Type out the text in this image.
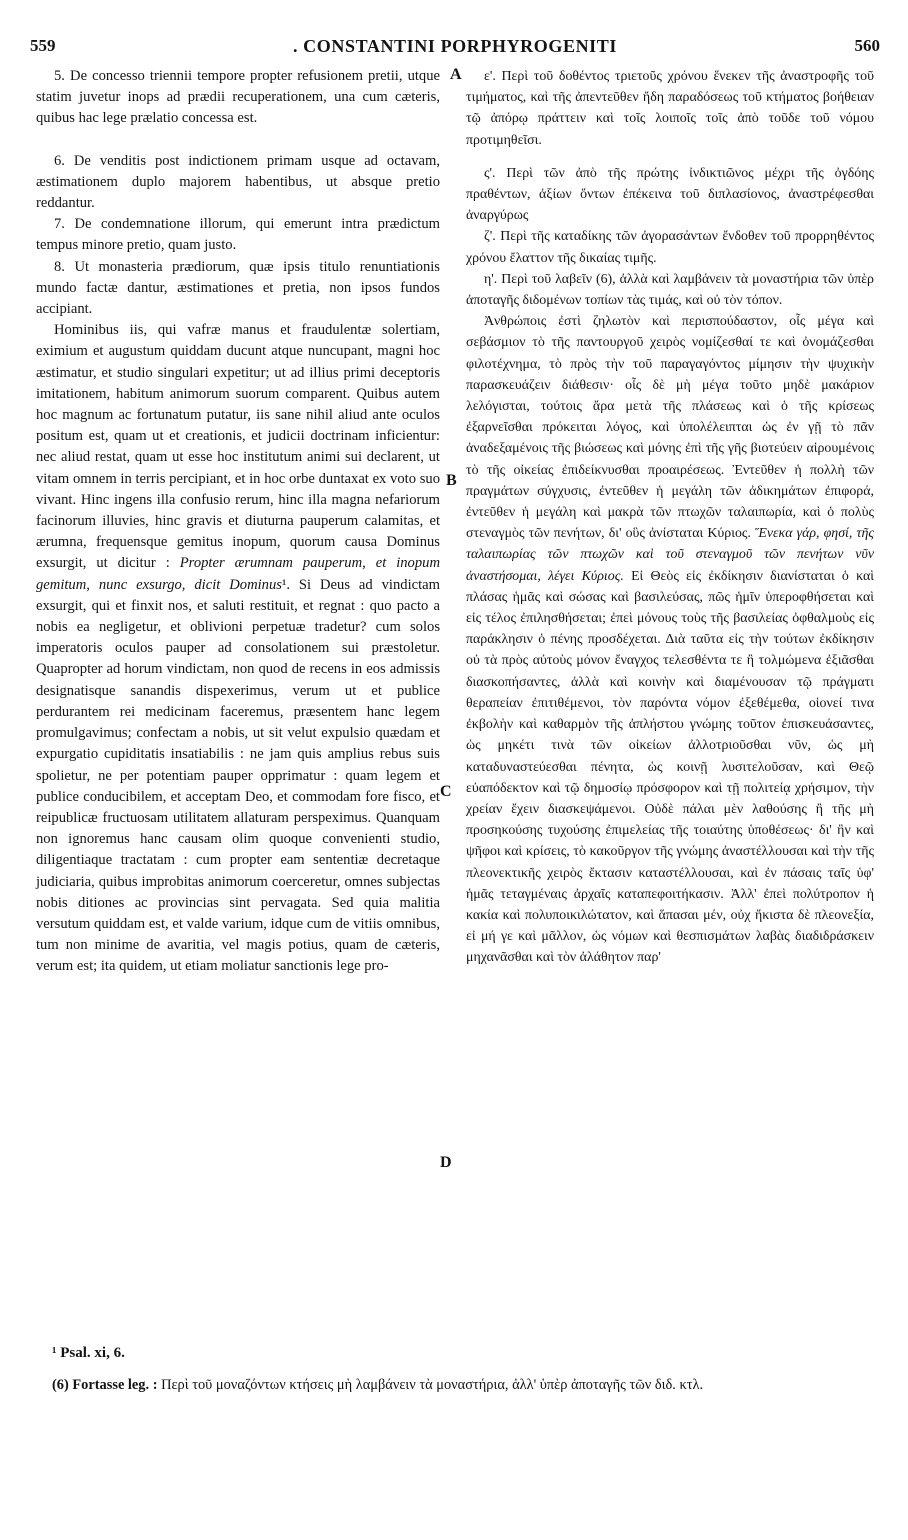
559	. CONSTANTINI PORPHYROGENITI	560

5. De concesso triennii tempore propter refusionem pretii, utque statim juvetur inops ad prædii recuperationem, una cum cæteris, quibus hac lege prælatio concessa est.

6. De venditis post indictionem primam usque ad octavam, æstimationem duplo majorem habentibus, ut absque pretio reddantur.

7. De condemnatione illorum, qui emerunt intra prædictum tempus minore pretio, quam justo.

8. Ut monasteria prædiorum, quæ ipsis titulo renuntiationis mundo factæ dantur, æstimationes et pretia, non ipsos fundos accipiant.

Hominibus iis, qui vafræ manus et fraudulentæ solertiam, eximium et augustum quiddam ducunt atque nuncupant, magni hoc æstimatur, et studio singulari expetitur; ut ad illius primi deceptoris imitationem, habitum animorum suorum comparent. Quibus autem hoc magnum ac fortunatum putatur, iis sane nihil aliud ante oculos positum est, quam ut et creationis, et judicii doctrinam inficientur: nec aliud restat, quam ut esse hoc institutum animi sui declarent, ut vitam omnem in terris percipiant, et in hoc orbe duntaxat ex voto suo vivant. Hinc ingens illa confusio rerum, hinc illa magna nefariorum facinorum illuvies, hinc gravis et diuturna pauperum calamitas, et ærumna, frequensque gemitus inopum, quorum causa Dominus exsurgit, ut dicitur : Propter ærumnam pauperum, et inopum gemitum, nunc exsurgo, dicit Dominus¹. Si Deus ad vindictam exsurgit, qui et finxit nos, et saluti restituit, et regnat : quo pacto a nobis ea negligetur, et oblivioni perpetuæ tradetur? cum solos imperatoris oculos pauper ad consolationem sui præstoletur. Quapropter ad horum vindictam, non quod de recens in eos admissis designatisque sanandis dispexerimus, verum ut et publice perdurantem rei medicinam faceremus, præsentem hanc legem promulgavimus; confectam a nobis, ut sit velut expulsio quædam et expurgatio cupiditatis insatiabilis : ne jam quis amplius rebus suis spolietur, ne per potentiam pauper opprimatur : quam legem et publice conducibilem, et acceptam Deo, et commodam fore fisco, et reipublicæ fructuosam utilitatem allaturam perspeximus. Quanquam non ignoremus hanc causam olim quoque convenienti studio, diligentiaque tractatam : cum propter eam sententiæ decretaque judiciaria, quibus improbitas animorum coerceretur, omnes subjectas nobis ditiones ac provincias sint pervagata. Sed quia malitia versutum quiddam est, et valde varium, idque cum de vitiis omnibus, tum non minime de avaritia, vel magis potius, quam de cæteris, verum est; ita quidem, ut etiam moliatur sanctionis lege pro-

A
B
C
D

ε'. Περὶ τοῦ δοθέντος τριετοῦς χρόνου ἕνεκεν τῆς ἀναστροφῆς τοῦ τιμήματος, καὶ τῆς ἀπεντεῦθεν ἤδη παραδόσεως τοῦ κτήματος βοήθειαν τῷ ἀπόρῳ πράττειν καὶ τοῖς λοιποῖς τοῖς ἀπὸ τοῦδε τοῦ νόμου προτιμηθεῖσι.

ς'. Περὶ τῶν ἀπὸ τῆς πρώτης ἰνδικτιῶνος μέχρι τῆς ὀγδόης πραθέντων, ἀξίων ὄντων ἐπέκεινα τοῦ διπλασίονος, ἀναστρέφεσθαι ἀναργύρως

ζ'. Περὶ τῆς καταδίκης τῶν ἀγορασάντων ἔνδοθεν τοῦ προρρηθέντος χρόνου ἔλαττον τῆς δικαίας τιμῆς.

η'. Περὶ τοῦ λαβεῖν (6), ἀλλὰ καὶ λαμβάνειν τὰ μοναστήρια τῶν ὑπὲρ ἀποταγῆς διδομένων τοπίων τὰς τιμάς, καὶ οὐ τὸν τόπον.

Ἀνθρώποις ἐστὶ ζηλωτὸν καὶ περισπούδαστον, οἷς μέγα καὶ σεβάσμιον τὸ τῆς παντουργοῦ χειρὸς νομίζεσθαί τε καὶ ὀνομάζεσθαι φιλοτέχνημα, τὸ πρὸς τὴν τοῦ παραγαγόντος μίμησιν τὴν ψυχικὴν παρασκευάζειν διάθεσιν· οἷς δὲ μὴ μέγα τοῦτο μηδὲ μακάριον λελόγισται, τούτοις ἄρα μετὰ τῆς πλάσεως καὶ ὁ τῆς κρίσεως ἐξαρνεῖσθαι πρόκειται λόγος, καὶ ὑπολέλειπται ὡς ἐν γῇ τὸ πᾶν ἀναδεξαμένοις τῆς βιώσεως καὶ μόνης ἐπὶ τῆς γῆς βιοτεύειν αἱρουμένοις τὸ τῆς οἰκείας ἐπιδείκνυσθαι προαιρέσεως. Ἐντεῦθεν ἡ πολλὴ τῶν πραγμάτων σύγχυσις, ἐντεῦθεν ἡ μεγάλη τῶν ἀδικημάτων ἐπιφορά, ἐντεῦθεν ἡ μεγάλη καὶ μακρὰ τῶν πτωχῶν ταλαιπωρία, καὶ ὁ πολὺς στεναγμὸς τῶν πενήτων, δι' οὓς ἀνίσταται Κύριος. Ἕνεκα γάρ, φησί, τῆς ταλαιπωρίας τῶν πτωχῶν καὶ τοῦ στεναγμοῦ τῶν πενήτων νῦν ἀναστήσομαι, λέγει Κύριος. Εἰ Θεὸς εἰς ἐκδίκησιν διανίσταται ὁ καὶ πλάσας ἡμᾶς καὶ σώσας καὶ βασιλεύσας, πῶς ἡμῖν ὑπεροφθήσεται καὶ εἰς τέλος ἐπιλησθήσεται; ἐπεὶ μόνους τοὺς τῆς βασιλείας ὀφθαλμοὺς εἰς παράκλησιν ὁ πένης προσδέχεται. Διὰ ταῦτα εἰς τὴν τούτων ἐκδίκησιν οὐ τὰ πρὸς αὐτοὺς μόνον ἔναγχος τελεσθέντα τε ἢ τολμώμενα ἐξιᾶσθαι διασκοπήσαντες, ἀλλὰ καὶ κοινὴν καὶ διαμένουσαν τῷ πράγματι θεραπείαν ἐπιτιθέμενοι, τὸν παρόντα νόμον ἐξεθέμεθα, οἱονεί τινα ἐκβολὴν καὶ καθαρμὸν τῆς ἀπλήστου γνώμης τοῦτον ἐπισκευάσαντες, ὡς μηκέτι τινὰ τῶν οἰκείων ἀλλοτριοῦσθαι νῦν, ὡς μὴ καταδυναστεύεσθαι πένητα, ὡς κοινῇ λυσιτελοῦσαν, καὶ Θεῷ εὐαπόδεκτον καὶ τῷ δημοσίῳ πρόσφορον καὶ τῇ πολιτείᾳ χρήσιμον, τὴν χρείαν ἔχειν διασκεψάμενοι. Οὐδὲ πάλαι μὲν λαθούσης ἢ τῆς μὴ προσηκούσης τυχούσης ἐπιμελείας τῆς τοιαύτης ὑποθέσεως· δι' ἣν καὶ ψῆφοι καὶ κρίσεις, τὸ κακοῦργον τῆς γνώμης ἀναστέλλουσαι καὶ τὴν τῆς πλεονεκτικῆς χειρὸς ἔκτασιν καταστέλλουσαι, καὶ ἐν πάσαις ταῖς ὑφ' ἡμᾶς τεταγμέναις ἀρχαῖς καταπεφοιτήκασιν. Ἀλλ' ἐπεὶ πολύτροπον ἡ κακία καὶ πολυποικιλώτατον, καὶ ἅπασαι μέν, οὐχ ἥκιστα δὲ πλεονεξία, εἰ μή γε καὶ μᾶλλον, ὡς νόμων καὶ θεσπισμάτων λαβὰς διαδιδράσκειν μηχανᾶσθαι καὶ τὸν ἀλάθητον παρ'

¹ Psal. xi, 6.
(6) Fortasse leg. : Περὶ τοῦ μοναζόντων κτήσεις μὴ λαμβάνειν τὰ μοναστήρια, ἀλλ' ὑπὲρ ἀποταγῆς τῶν διδ. κτλ.
